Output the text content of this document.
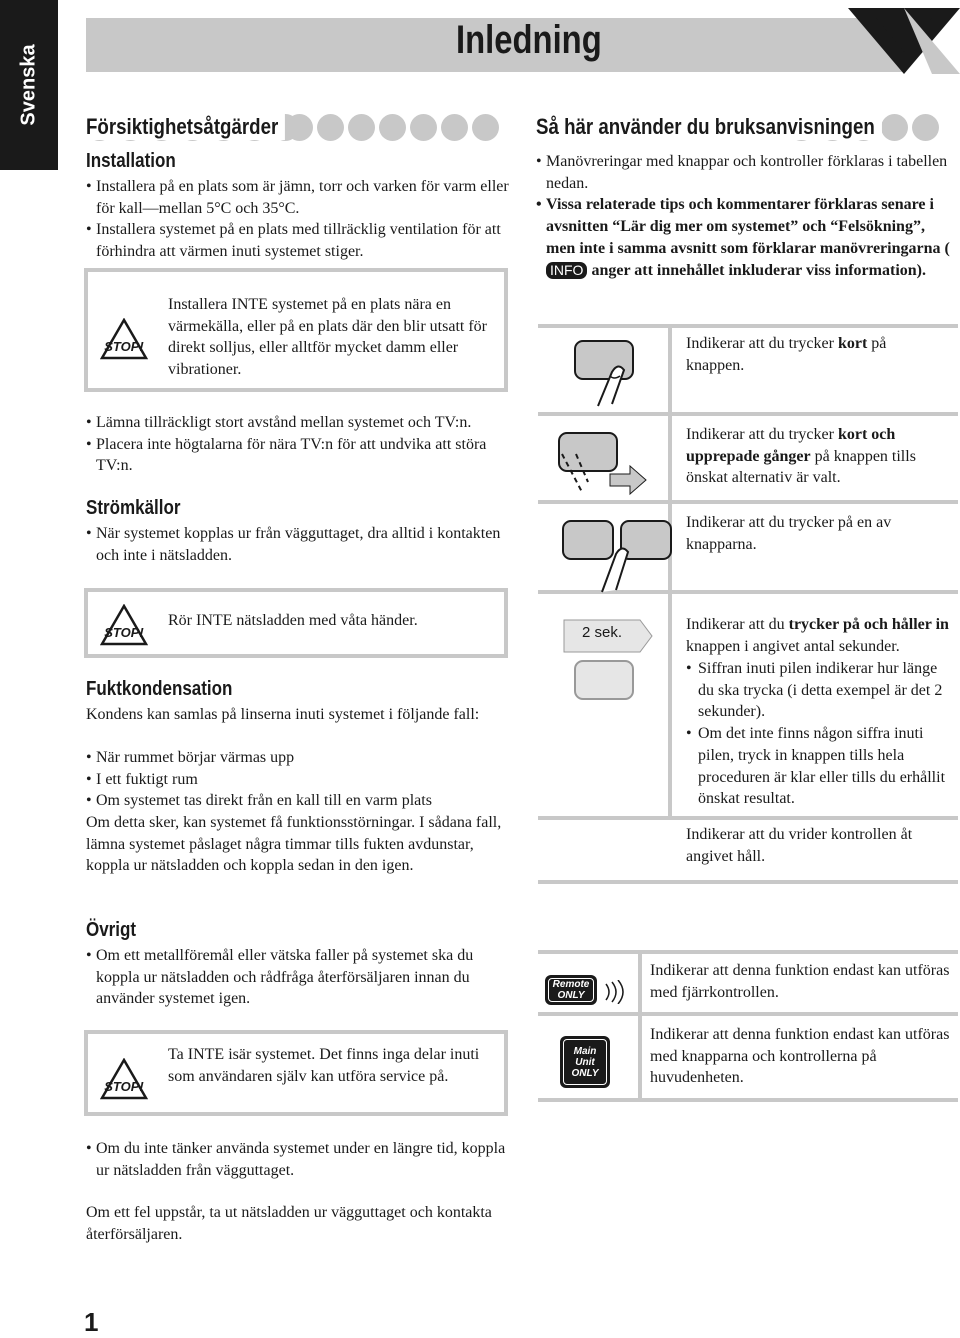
Svenska
Inledning
Försiktighetsåtgärder
Installation
• Installera på en plats som är jämn, torr och varken för varm eller för kall—mellan 5°C och 35°C.
• Installera systemet på en plats med tillräcklig ventilation för att förhindra att värmen inuti systemet stiger.
STOP!
Installera INTE systemet på en plats nära en värmekälla, eller på en plats där den blir utsatt för direkt solljus, eller alltför mycket damm eller vibrationer.
• Lämna tillräckligt stort avstånd mellan systemet och TV:n.
• Placera inte högtalarna för nära TV:n för att undvika att störa TV:n.
Strömkällor
• När systemet kopplas ur från vägguttaget, dra alltid i kontakten och inte i nätsladden.
STOP!
Rör INTE nätsladden med våta händer.
Fuktkondensation

Kondens kan samlas på linserna inuti systemet i följande fall:

• När rummet börjar värmas upp
• I ett fuktigt rum
• Om systemet tas direkt från en kall till en varm plats

Om detta sker, kan systemet få funktionsstörningar. I sådana fall, lämna systemet påslaget några timmar tills fukten avdunstar, koppla ur nätsladden och koppla sedan in den igen.

Övrigt
• Om ett metallföremål eller vätska faller på systemet ska du koppla ur nätsladden och rådfråga återförsäljaren innan du använder systemet igen.
STOP!
Ta INTE isär systemet. Det finns inga delar inuti som användaren själv kan utföra service på.
• Om du inte tänker använda systemet under en längre tid, koppla ur nätsladden från vägguttaget.

Om ett fel uppstår, ta ut nätsladden ur vägguttaget och kontakta återförsäljaren.

Så här använder du bruksanvisningen
• Manövreringar med knappar och kontroller förklaras i tabellen nedan.
• Vissa relaterade tips och kommentarer förklaras senare i avsnitten “Lär dig mer om systemet” och “Felsökning”, men inte i samma avsnitt som förklarar manövreringarna (INFO anger att innehållet inkluderar viss information).
Indikerar att du trycker kort på knappen.
Indikerar att du trycker kort och upprepade gånger på knappen tills önskat alternativ är valt.
Indikerar att du trycker på en av knapparna.
2 sek.	Indikerar att du trycker på och håller in knappen i angivet antal sekunder.
• Siffran inuti pilen indikerar hur länge du ska trycka (i detta exempel är det 2 sekunder).
• Om det inte finns någon siffra inuti pilen, tryck in knappen tills hela proceduren är klar eller tills du erhållit önskat resultat.
Indikerar att du vrider kontrollen åt angivet håll.
Remote
ONLY
Indikerar att denna funktion endast kan utföras med fjärrkontrollen.
Main Unit
ONLY
Indikerar att denna funktion endast kan utföras med knapparna och kontrollerna på huvudenheten.
1
